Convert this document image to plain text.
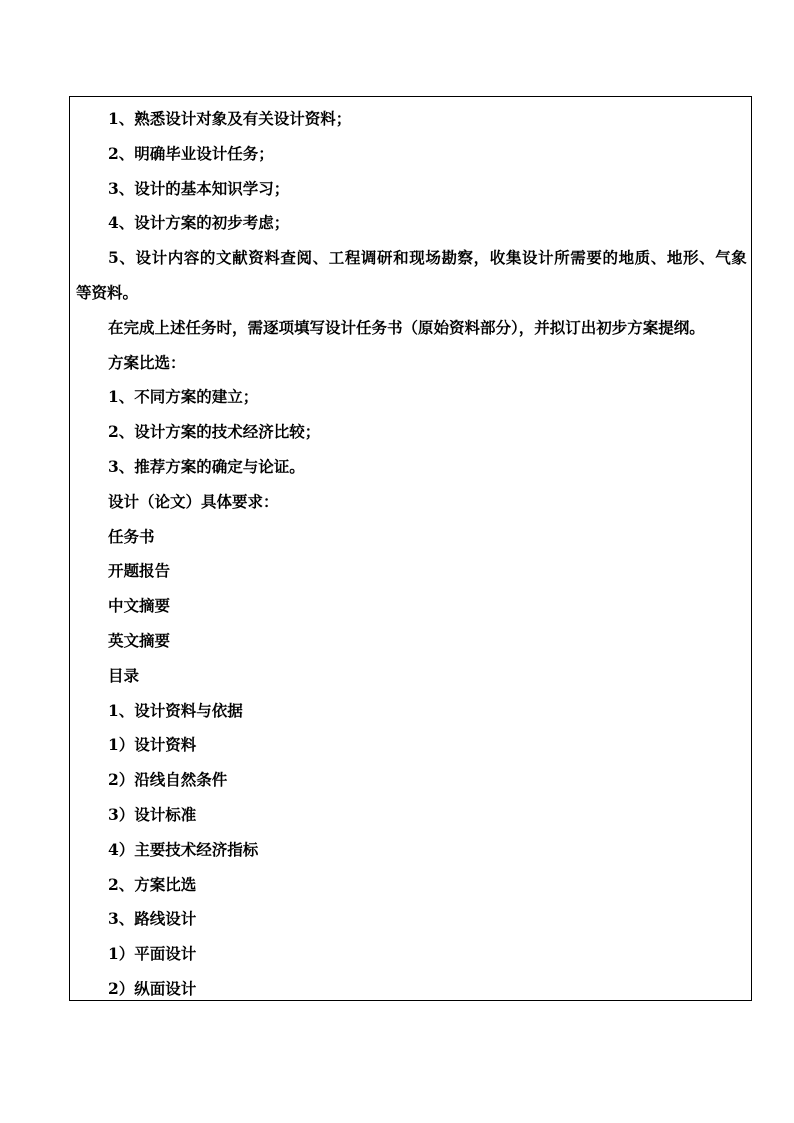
1、熟悉设计对象及有关设计资料；

2、明确毕业设计任务；

3、设计的基本知识学习；

4、设计方案的初步考虑；

5、设计内容的文献资料查阅、工程调研和现场勘察，收集设计所需要的地质、地形、气象

等资料。

在完成上述任务时，需逐项填写设计任务书（原始资料部分），并拟订出初步方案提纲。

方案比选：

1、不同方案的建立；

2、设计方案的技术经济比较；

3、推荐方案的确定与论证。

设计（论文）具体要求：

任务书

开题报告

中文摘要

英文摘要

目录

1、设计资料与依据

1）设计资料

2）沿线自然条件

3）设计标准

4）主要技术经济指标

2、方案比选

3、路线设计

1）平面设计

2）纵面设计
